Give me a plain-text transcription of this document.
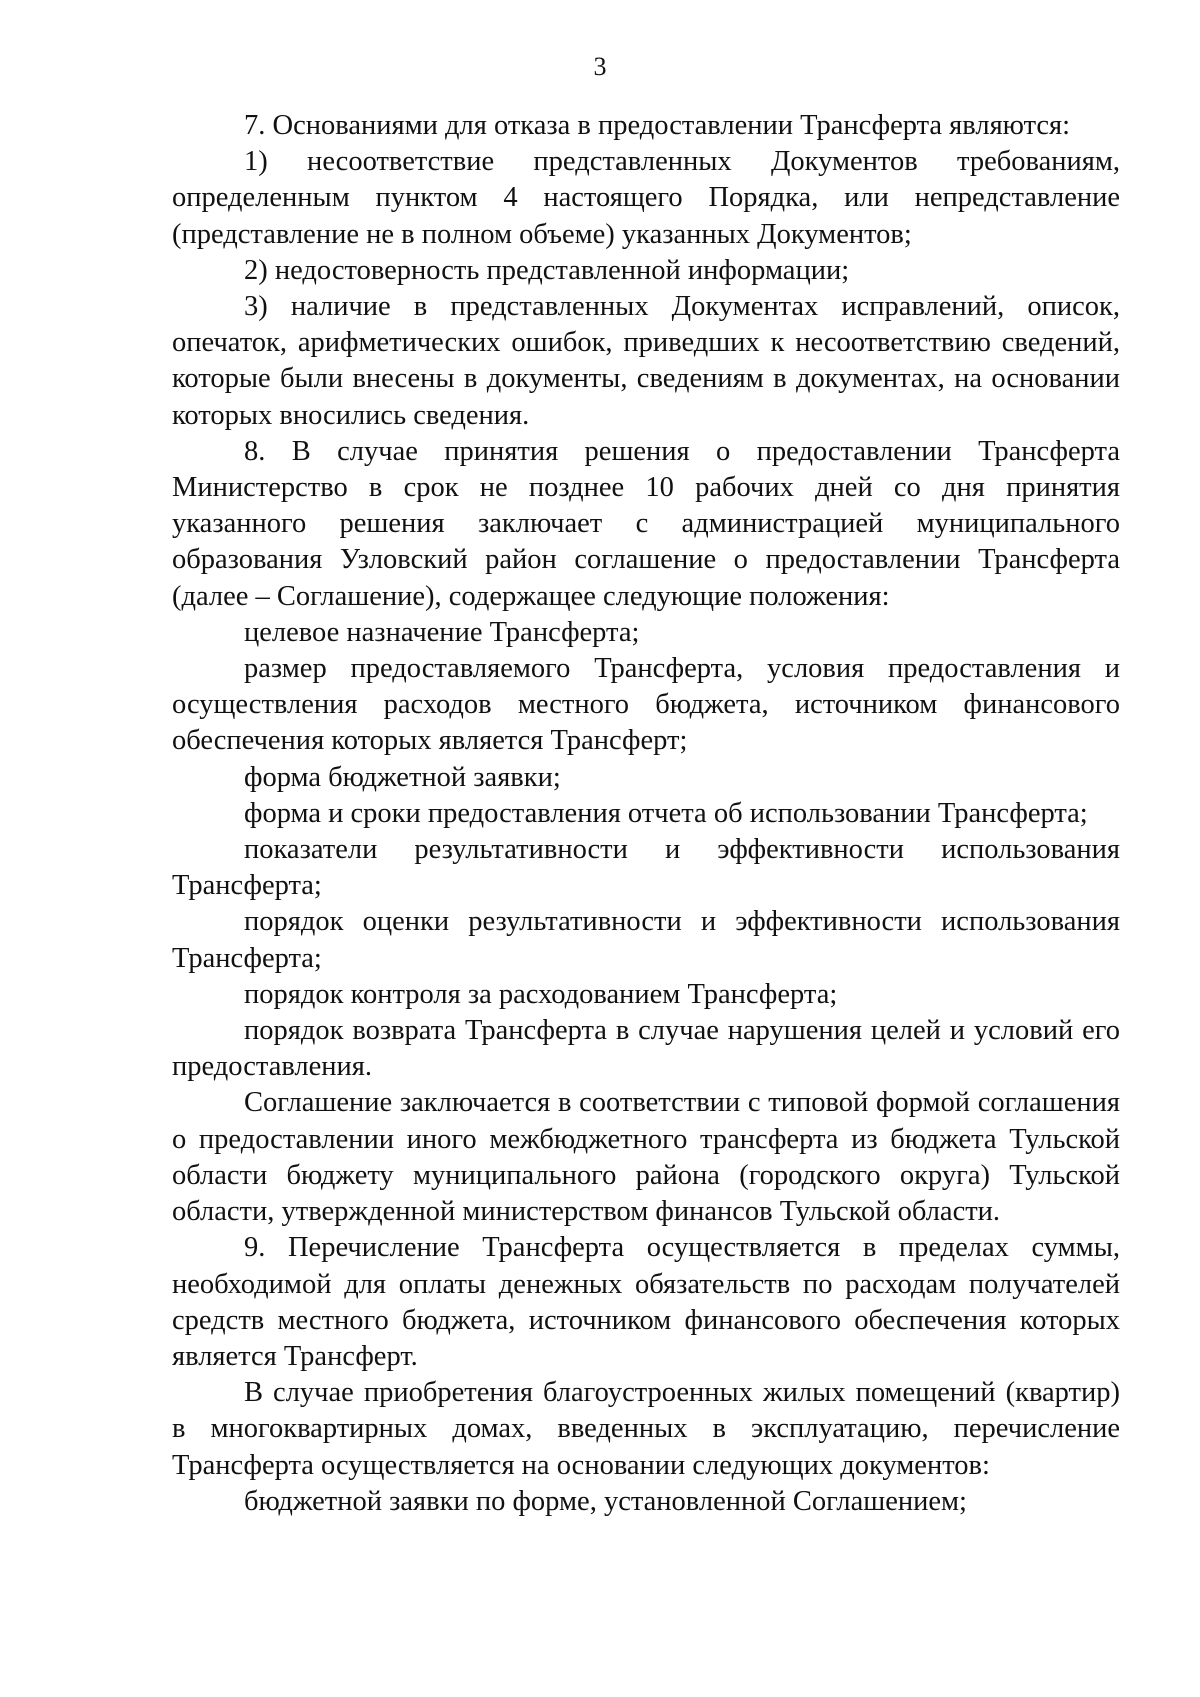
3

7. Основаниями для отказа в предоставлении Трансферта являются:

1) несоответствие представленных Документов требованиям, определенным пунктом 4 настоящего Порядка, или непредставление (представление не в полном объеме) указанных Документов;

2) недостоверность представленной информации;

3) наличие в представленных Документах исправлений, описок, опечаток, арифметических ошибок, приведших к несоответствию сведений, которые были внесены в документы, сведениям в документах, на основании которых вносились сведения.

8. В случае принятия решения о предоставлении Трансферта Министерство в срок не позднее 10 рабочих дней со дня принятия указанного решения заключает с администрацией муниципального образования Узловский район соглашение о предоставлении Трансферта (далее – Соглашение), содержащее следующие положения:

целевое назначение Трансферта;

размер предоставляемого Трансферта, условия предоставления и осуществления расходов местного бюджета, источником финансового обеспечения которых является Трансферт;

форма бюджетной заявки;

форма и сроки предоставления отчета об использовании Трансферта;

показатели результативности и эффективности использования Трансферта;

порядок оценки результативности и эффективности использования Трансферта;

порядок контроля за расходованием Трансферта;

порядок возврата Трансферта в случае нарушения целей и условий его предоставления.

Соглашение заключается в соответствии с типовой формой соглашения о предоставлении иного межбюджетного трансферта из бюджета Тульской области бюджету муниципального района (городского округа) Тульской области, утвержденной министерством финансов Тульской области.

9. Перечисление Трансферта осуществляется в пределах суммы, необходимой для оплаты денежных обязательств по расходам получателей средств местного бюджета, источником финансового обеспечения которых является Трансферт.

В случае приобретения благоустроенных жилых помещений (квартир) в многоквартирных домах, введенных в эксплуатацию, перечисление Трансферта осуществляется на основании следующих документов:

бюджетной заявки по форме, установленной Соглашением;
